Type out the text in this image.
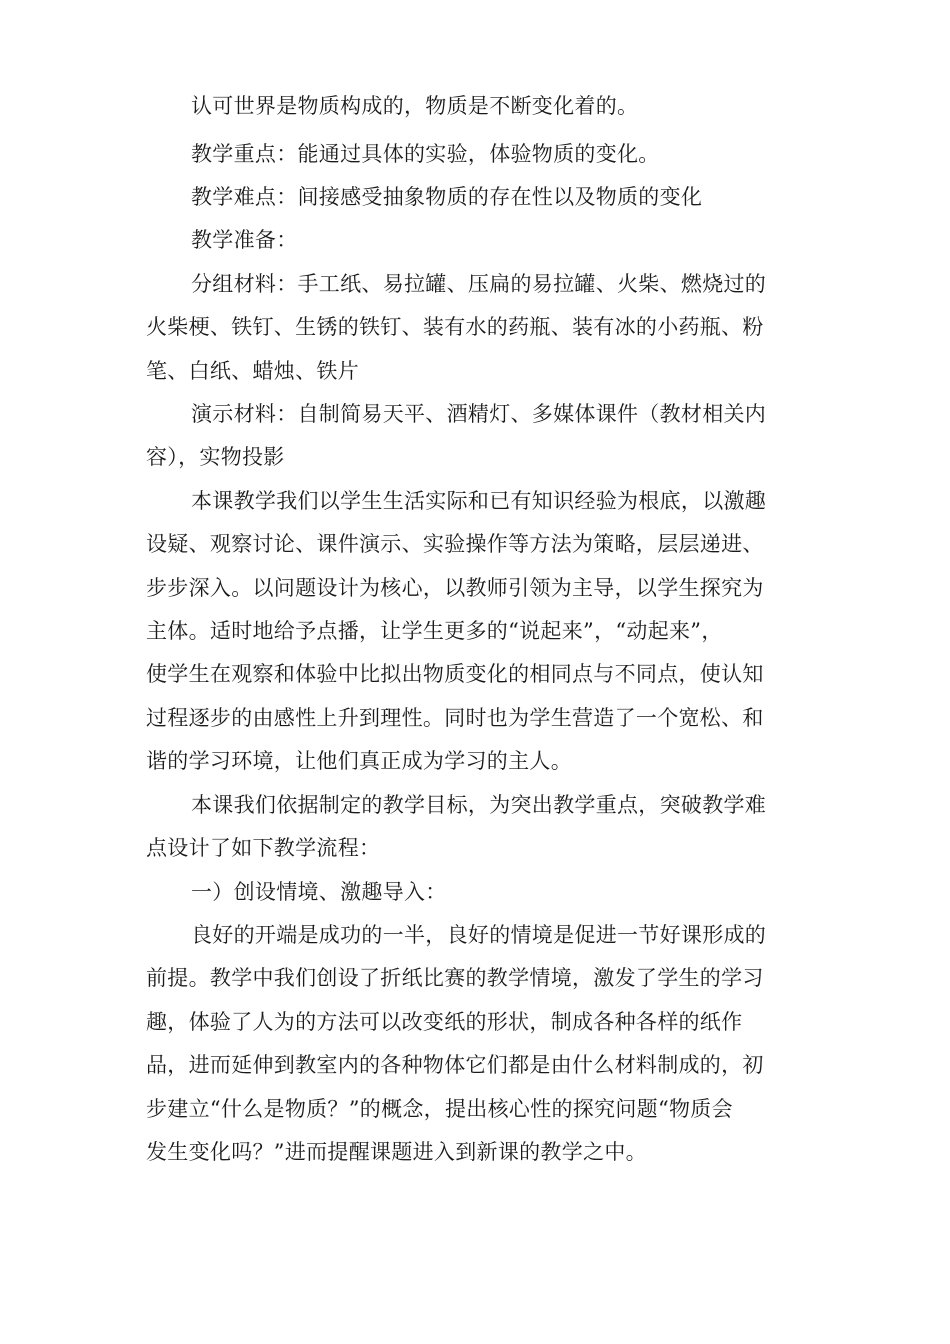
认可世界是物质构成的，物质是不断变化着的。
教学重点：能通过具体的实验，体验物质的变化。
教学难点：间接感受抽象物质的存在性以及物质的变化
教学准备：
分组材料：手工纸、易拉罐、压扁的易拉罐、火柴、燃烧过的
火柴梗、铁钉、生锈的铁钉、装有水的药瓶、装有冰的小药瓶、粉
笔、白纸、蜡烛、铁片
演示材料：自制简易天平、酒精灯、多媒体课件（教材相关内
容），实物投影
本课教学我们以学生生活实际和已有知识经验为根底，以激趣
设疑、观察讨论、课件演示、实验操作等方法为策略，层层递进、
步步深入。以问题设计为核心，以教师引领为主导，以学生探究为
主体。适时地给予点播，让学生更多的“说起来”，“动起来”，
使学生在观察和体验中比拟出物质变化的相同点与不同点，使认知
过程逐步的由感性上升到理性。同时也为学生营造了一个宽松、和
谐的学习环境，让他们真正成为学习的主人。
本课我们依据制定的教学目标，为突出教学重点，突破教学难
点设计了如下教学流程：
一）创设情境、激趣导入：
良好的开端是成功的一半，良好的情境是促进一节好课形成的
前提。教学中我们创设了折纸比赛的教学情境，激发了学生的学习
趣，体验了人为的方法可以改变纸的形状，制成各种各样的纸作
品，进而延伸到教室内的各种物体它们都是由什么材料制成的，初
步建立“什么是物质？”的概念，提出核心性的探究问题“物质会
发生变化吗？”进而提醒课题进入到新课的教学之中。
